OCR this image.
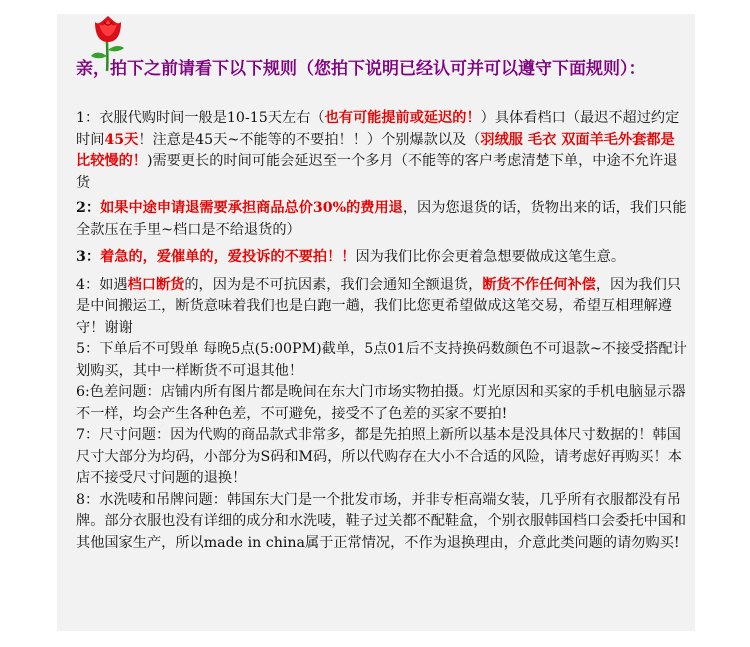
亲，拍下之前请看下以下规则（您拍下说明已经认可并可以遵守下面规则）：

1：衣服代购时间一般是10-15天左右（也有可能提前或延迟的！）具体看档口（最迟不超过约定时间45天！注意是45天~不能等的不要拍！！）个别爆款以及（羽绒服 毛衣 双面羊毛外套都是比较慢的！)需要更长的时间可能会延迟至一个多月（不能等的客户考虑清楚下单，中途不允许退货

2：如果中途申请退需要承担商品总价30%的费用退，因为您退货的话，货物出来的话，我们只能全款压在手里~档口是不给退货的）

3：着急的，爱催单的，爱投诉的不要拍！！因为我们比你会更着急想要做成这笔生意。

4：如遇档口断货的，因为是不可抗因素，我们会通知全额退货，断货不作任何补偿，因为我们只是中间搬运工，断货意味着我们也是白跑一趟，我们比您更希望做成这笔交易，希望互相理解遵守！谢谢

5：下单后不可毁单 每晚5点(5:00PM)截单，5点01后不支持换码数颜色不可退款~不接受搭配计划购买，其中一样断货不可退其他！

6:色差问题：店铺内所有图片都是晚间在东大门市场实物拍摄。灯光原因和买家的手机电脑显示器不一样，均会产生各种色差，不可避免，接受不了色差的买家不要拍!

7：尺寸问题：因为代购的商品款式非常多，都是先拍照上新所以基本是没具体尺寸数据的！韩国尺寸大部分为均码，小部分为S码和M码，所以代购存在大小不合适的风险，请考虑好再购买！本店不接受尺寸问题的退换！

8：水洗唛和吊牌问题：韩国东大门是一个批发市场，并非专柜高端女装，几乎所有衣服都没有吊牌。部分衣服也没有详细的成分和水洗唛，鞋子过关都不配鞋盒，个别衣服韩国档口会委托中国和其他国家生产，所以made in china属于正常情况，不作为退换理由，介意此类问题的请勿购买!
